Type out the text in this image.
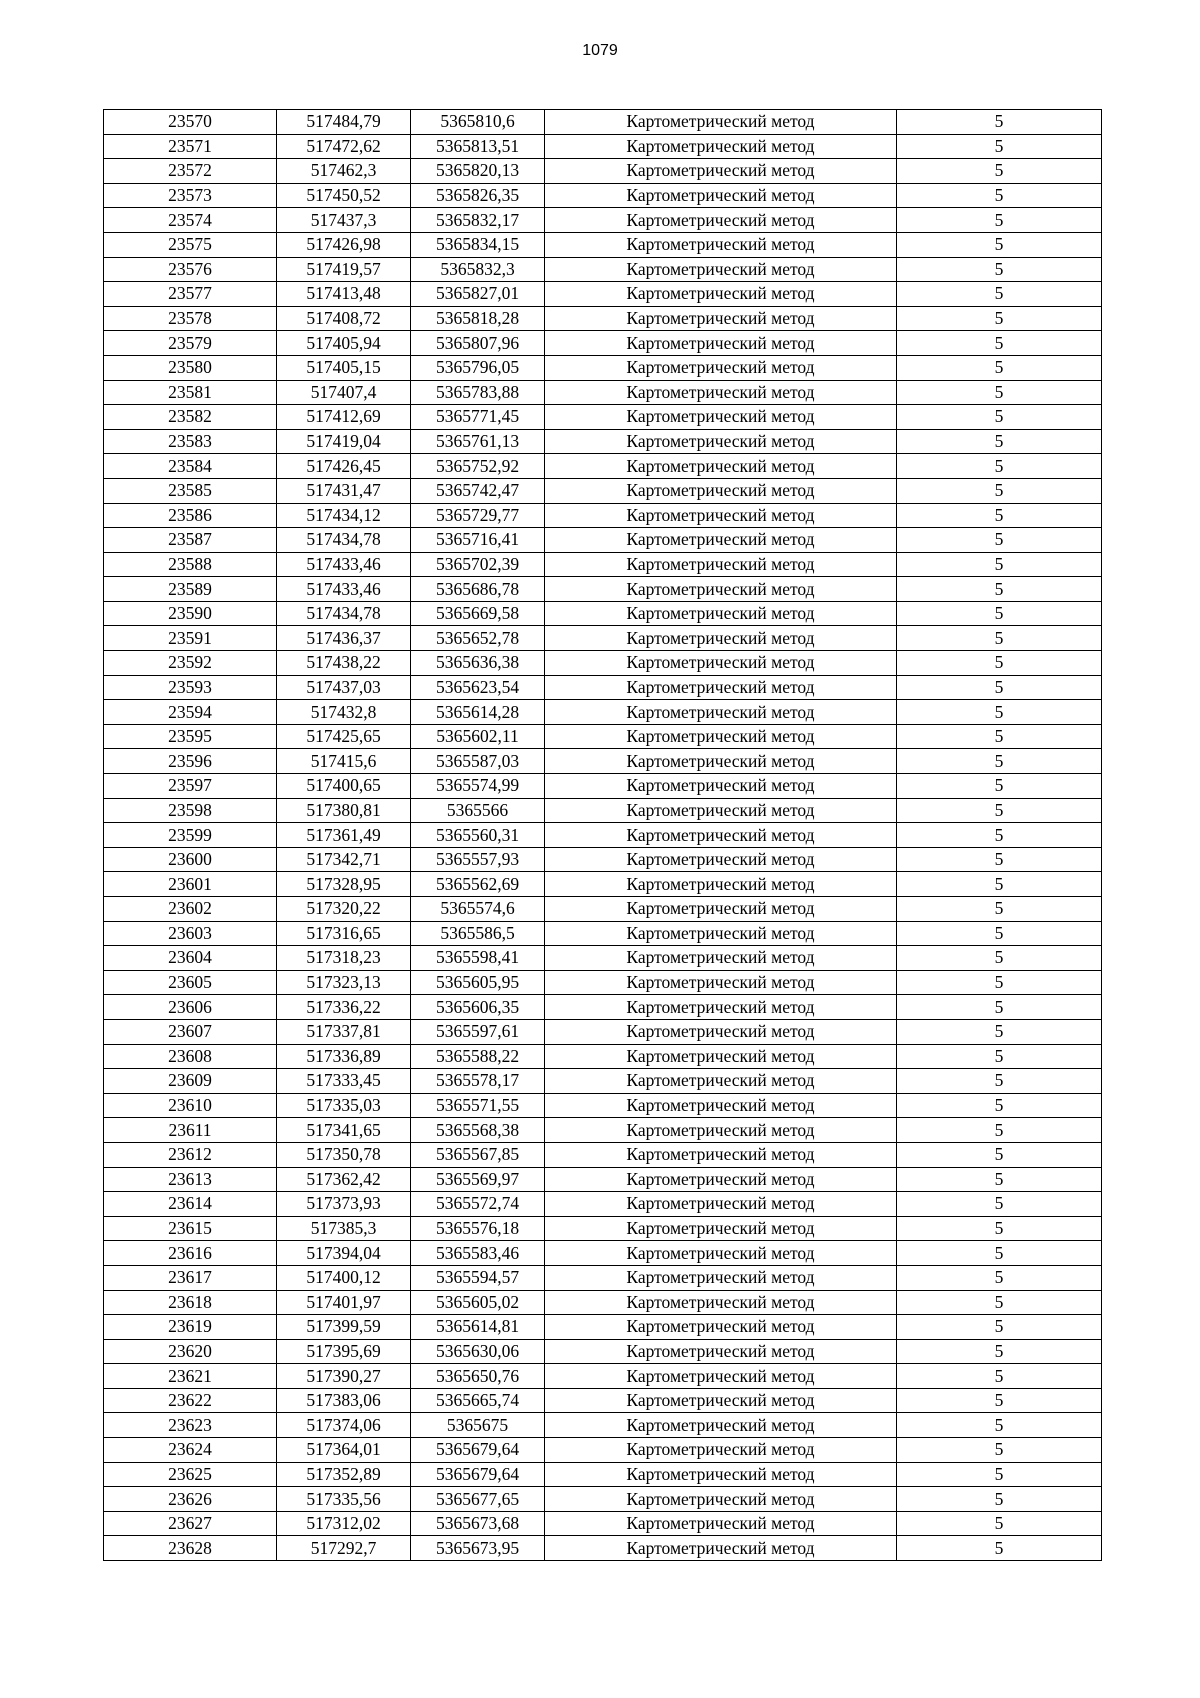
1079
23570	517484,79	5365810,6	Картометрический метод	5
23571	517472,62	5365813,51	Картометрический метод	5
23572	517462,3	5365820,13	Картометрический метод	5
23573	517450,52	5365826,35	Картометрический метод	5
23574	517437,3	5365832,17	Картометрический метод	5
23575	517426,98	5365834,15	Картометрический метод	5
23576	517419,57	5365832,3	Картометрический метод	5
23577	517413,48	5365827,01	Картометрический метод	5
23578	517408,72	5365818,28	Картометрический метод	5
23579	517405,94	5365807,96	Картометрический метод	5
23580	517405,15	5365796,05	Картометрический метод	5
23581	517407,4	5365783,88	Картометрический метод	5
23582	517412,69	5365771,45	Картометрический метод	5
23583	517419,04	5365761,13	Картометрический метод	5
23584	517426,45	5365752,92	Картометрический метод	5
23585	517431,47	5365742,47	Картометрический метод	5
23586	517434,12	5365729,77	Картометрический метод	5
23587	517434,78	5365716,41	Картометрический метод	5
23588	517433,46	5365702,39	Картометрический метод	5
23589	517433,46	5365686,78	Картометрический метод	5
23590	517434,78	5365669,58	Картометрический метод	5
23591	517436,37	5365652,78	Картометрический метод	5
23592	517438,22	5365636,38	Картометрический метод	5
23593	517437,03	5365623,54	Картометрический метод	5
23594	517432,8	5365614,28	Картометрический метод	5
23595	517425,65	5365602,11	Картометрический метод	5
23596	517415,6	5365587,03	Картометрический метод	5
23597	517400,65	5365574,99	Картометрический метод	5
23598	517380,81	5365566	Картометрический метод	5
23599	517361,49	5365560,31	Картометрический метод	5
23600	517342,71	5365557,93	Картометрический метод	5
23601	517328,95	5365562,69	Картометрический метод	5
23602	517320,22	5365574,6	Картометрический метод	5
23603	517316,65	5365586,5	Картометрический метод	5
23604	517318,23	5365598,41	Картометрический метод	5
23605	517323,13	5365605,95	Картометрический метод	5
23606	517336,22	5365606,35	Картометрический метод	5
23607	517337,81	5365597,61	Картометрический метод	5
23608	517336,89	5365588,22	Картометрический метод	5
23609	517333,45	5365578,17	Картометрический метод	5
23610	517335,03	5365571,55	Картометрический метод	5
23611	517341,65	5365568,38	Картометрический метод	5
23612	517350,78	5365567,85	Картометрический метод	5
23613	517362,42	5365569,97	Картометрический метод	5
23614	517373,93	5365572,74	Картометрический метод	5
23615	517385,3	5365576,18	Картометрический метод	5
23616	517394,04	5365583,46	Картометрический метод	5
23617	517400,12	5365594,57	Картометрический метод	5
23618	517401,97	5365605,02	Картометрический метод	5
23619	517399,59	5365614,81	Картометрический метод	5
23620	517395,69	5365630,06	Картометрический метод	5
23621	517390,27	5365650,76	Картометрический метод	5
23622	517383,06	5365665,74	Картометрический метод	5
23623	517374,06	5365675	Картометрический метод	5
23624	517364,01	5365679,64	Картометрический метод	5
23625	517352,89	5365679,64	Картометрический метод	5
23626	517335,56	5365677,65	Картометрический метод	5
23627	517312,02	5365673,68	Картометрический метод	5
23628	517292,7	5365673,95	Картометрический метод	5
